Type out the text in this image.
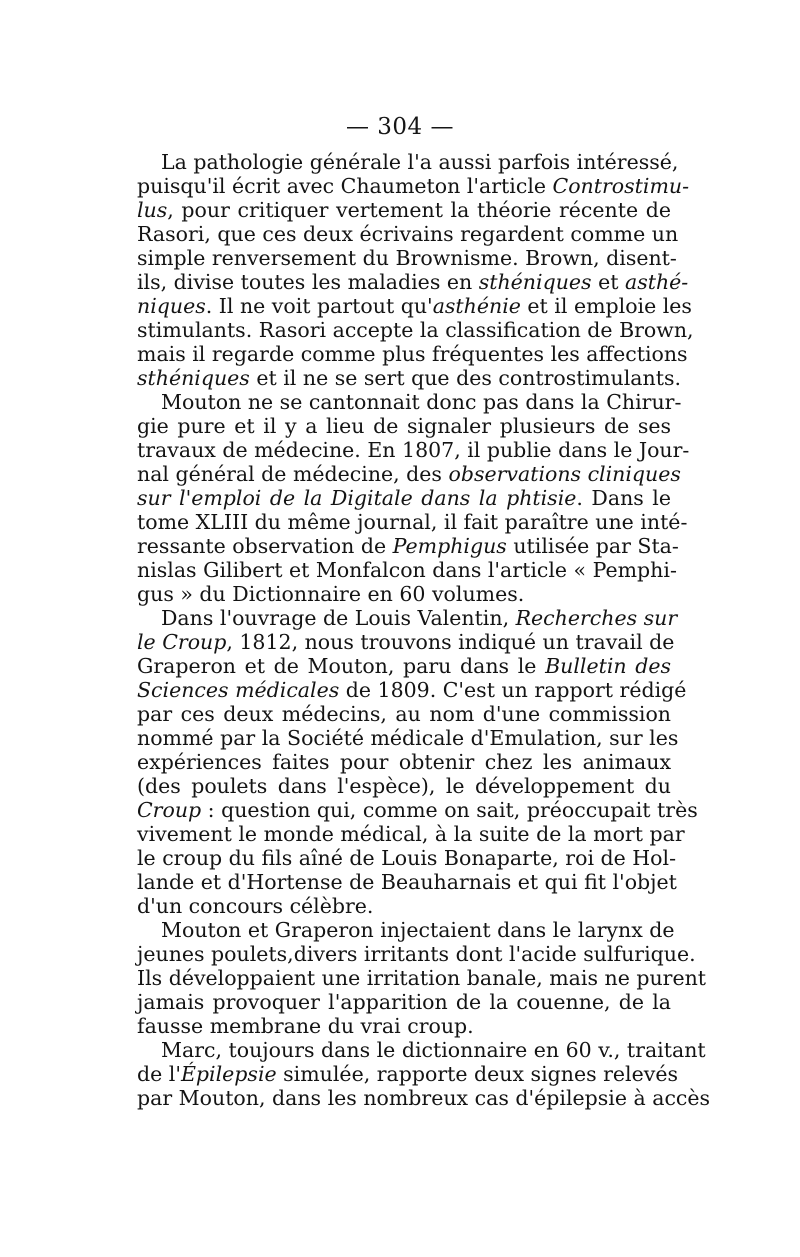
— 304 —
La pathologie générale l'a aussi parfois intéressé,
puisqu'il écrit avec Chaumeton l'article Controstimu-
lus, pour critiquer vertement la théorie récente de
Rasori, que ces deux écrivains regardent comme un
simple renversement du Brownisme. Brown, disent-
ils, divise toutes les maladies en sthéniques et asthé-
niques. Il ne voit partout qu'asthénie et il emploie les
stimulants. Rasori accepte la classification de Brown,
mais il regarde comme plus fréquentes les affections
sthéniques et il ne se sert que des controstimulants.
Mouton ne se cantonnait donc pas dans la Chirur-
gie pure et il y a lieu de signaler plusieurs de ses
travaux de médecine. En 1807, il publie dans le Jour-
nal général de médecine, des observations cliniques
sur l'emploi de la Digitale dans la phtisie. Dans le
tome XLIII du même journal, il fait paraître une inté-
ressante observation de Pemphigus utilisée par Sta-
nislas Gilibert et Monfalcon dans l'article « Pemphi-
gus » du Dictionnaire en 60 volumes.
Dans l'ouvrage de Louis Valentin, Recherches sur
le Croup, 1812, nous trouvons indiqué un travail de
Graperon et de Mouton, paru dans le Bulletin des
Sciences médicales de 1809. C'est un rapport rédigé
par ces deux médecins, au nom d'une commission
nommé par la Société médicale d'Emulation, sur les
expériences faites pour obtenir chez les animaux
(des poulets dans l'espèce), le développement du
Croup : question qui, comme on sait, préoccupait très
vivement le monde médical, à la suite de la mort par
le croup du fils aîné de Louis Bonaparte, roi de Hol-
lande et d'Hortense de Beauharnais et qui fit l'objet
d'un concours célèbre.
Mouton et Graperon injectaient dans le larynx de
jeunes poulets,divers irritants dont l'acide sulfurique.
Ils développaient une irritation banale, mais ne purent
jamais provoquer l'apparition de la couenne, de la
fausse membrane du vrai croup.
Marc, toujours dans le dictionnaire en 60 v., traitant
de l'Épilepsie simulée, rapporte deux signes relevés
par Mouton, dans les nombreux cas d'épilepsie à accès
